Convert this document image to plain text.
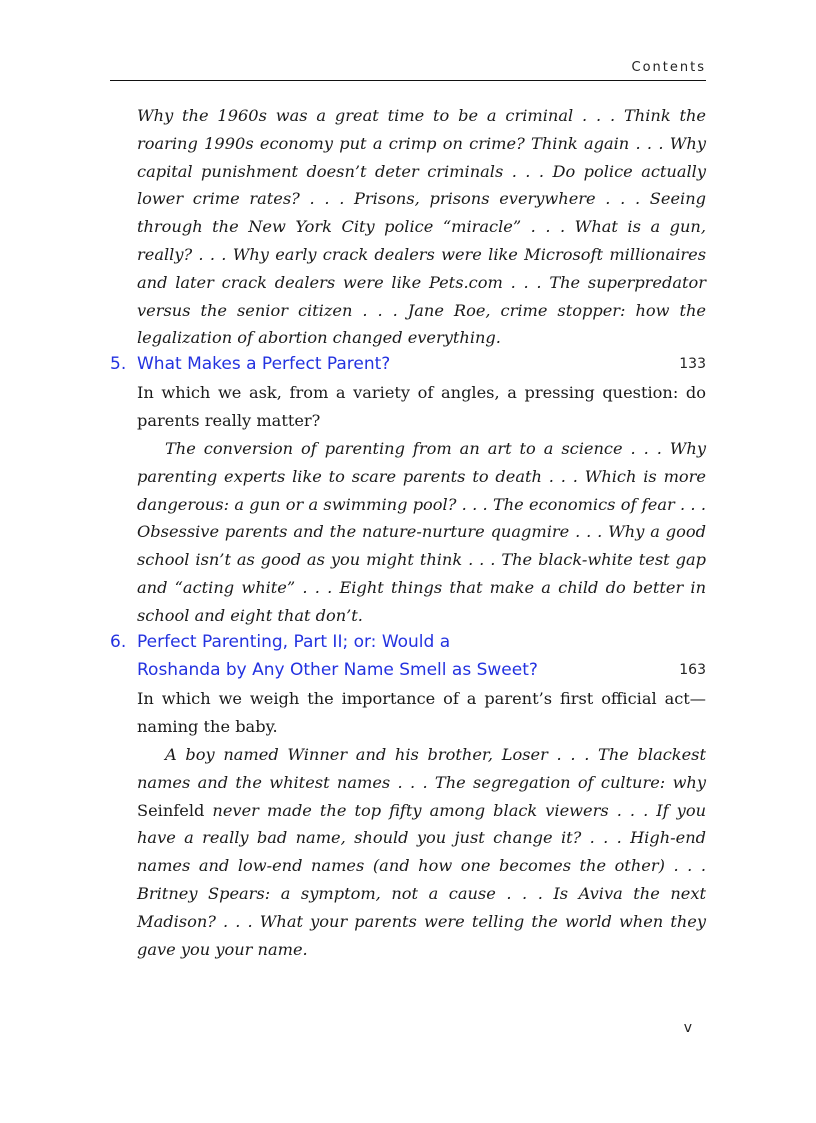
Contents

Why the 1960s was a great time to be a criminal . . . Think the roaring 1990s economy put a crimp on crime? Think again . . . Why capital punishment doesn’t deter criminals . . . Do police actually lower crime rates? . . . Prisons, prisons everywhere . . . Seeing through the New York City police “miracle” . . . What is a gun, really? . . . Why early crack dealers were like Microsoft millionaires and later crack dealers were like Pets.com . . . The superpredator versus the senior citizen . . . Jane Roe, crime stopper: how the legalization of abortion changed everything.

5. What Makes a Perfect Parent?	133

In which we ask, from a variety of angles, a pressing question: do parents really matter?

The conversion of parenting from an art to a science . . . Why parenting experts like to scare parents to death . . . Which is more dangerous: a gun or a swimming pool? . . . The economics of fear . . . Obsessive parents and the nature-nurture quagmire . . . Why a good school isn’t as good as you might think . . . The black-white test gap and “acting white” . . . Eight things that make a child do better in school and eight that don’t.

6. Perfect Parenting, Part II; or: Would a
Roshanda by Any Other Name Smell as Sweet?	163

In which we weigh the importance of a parent’s first official act—naming the baby.

A boy named Winner and his brother, Loser . . . The blackest names and the whitest names . . . The segregation of culture: why Seinfeld never made the top fifty among black viewers . . . If you have a really bad name, should you just change it? . . . High-end names and low-end names (and how one becomes the other) . . . Britney Spears: a symptom, not a cause . . . Is Aviva the next Madison? . . . What your parents were telling the world when they gave you your name.

v
